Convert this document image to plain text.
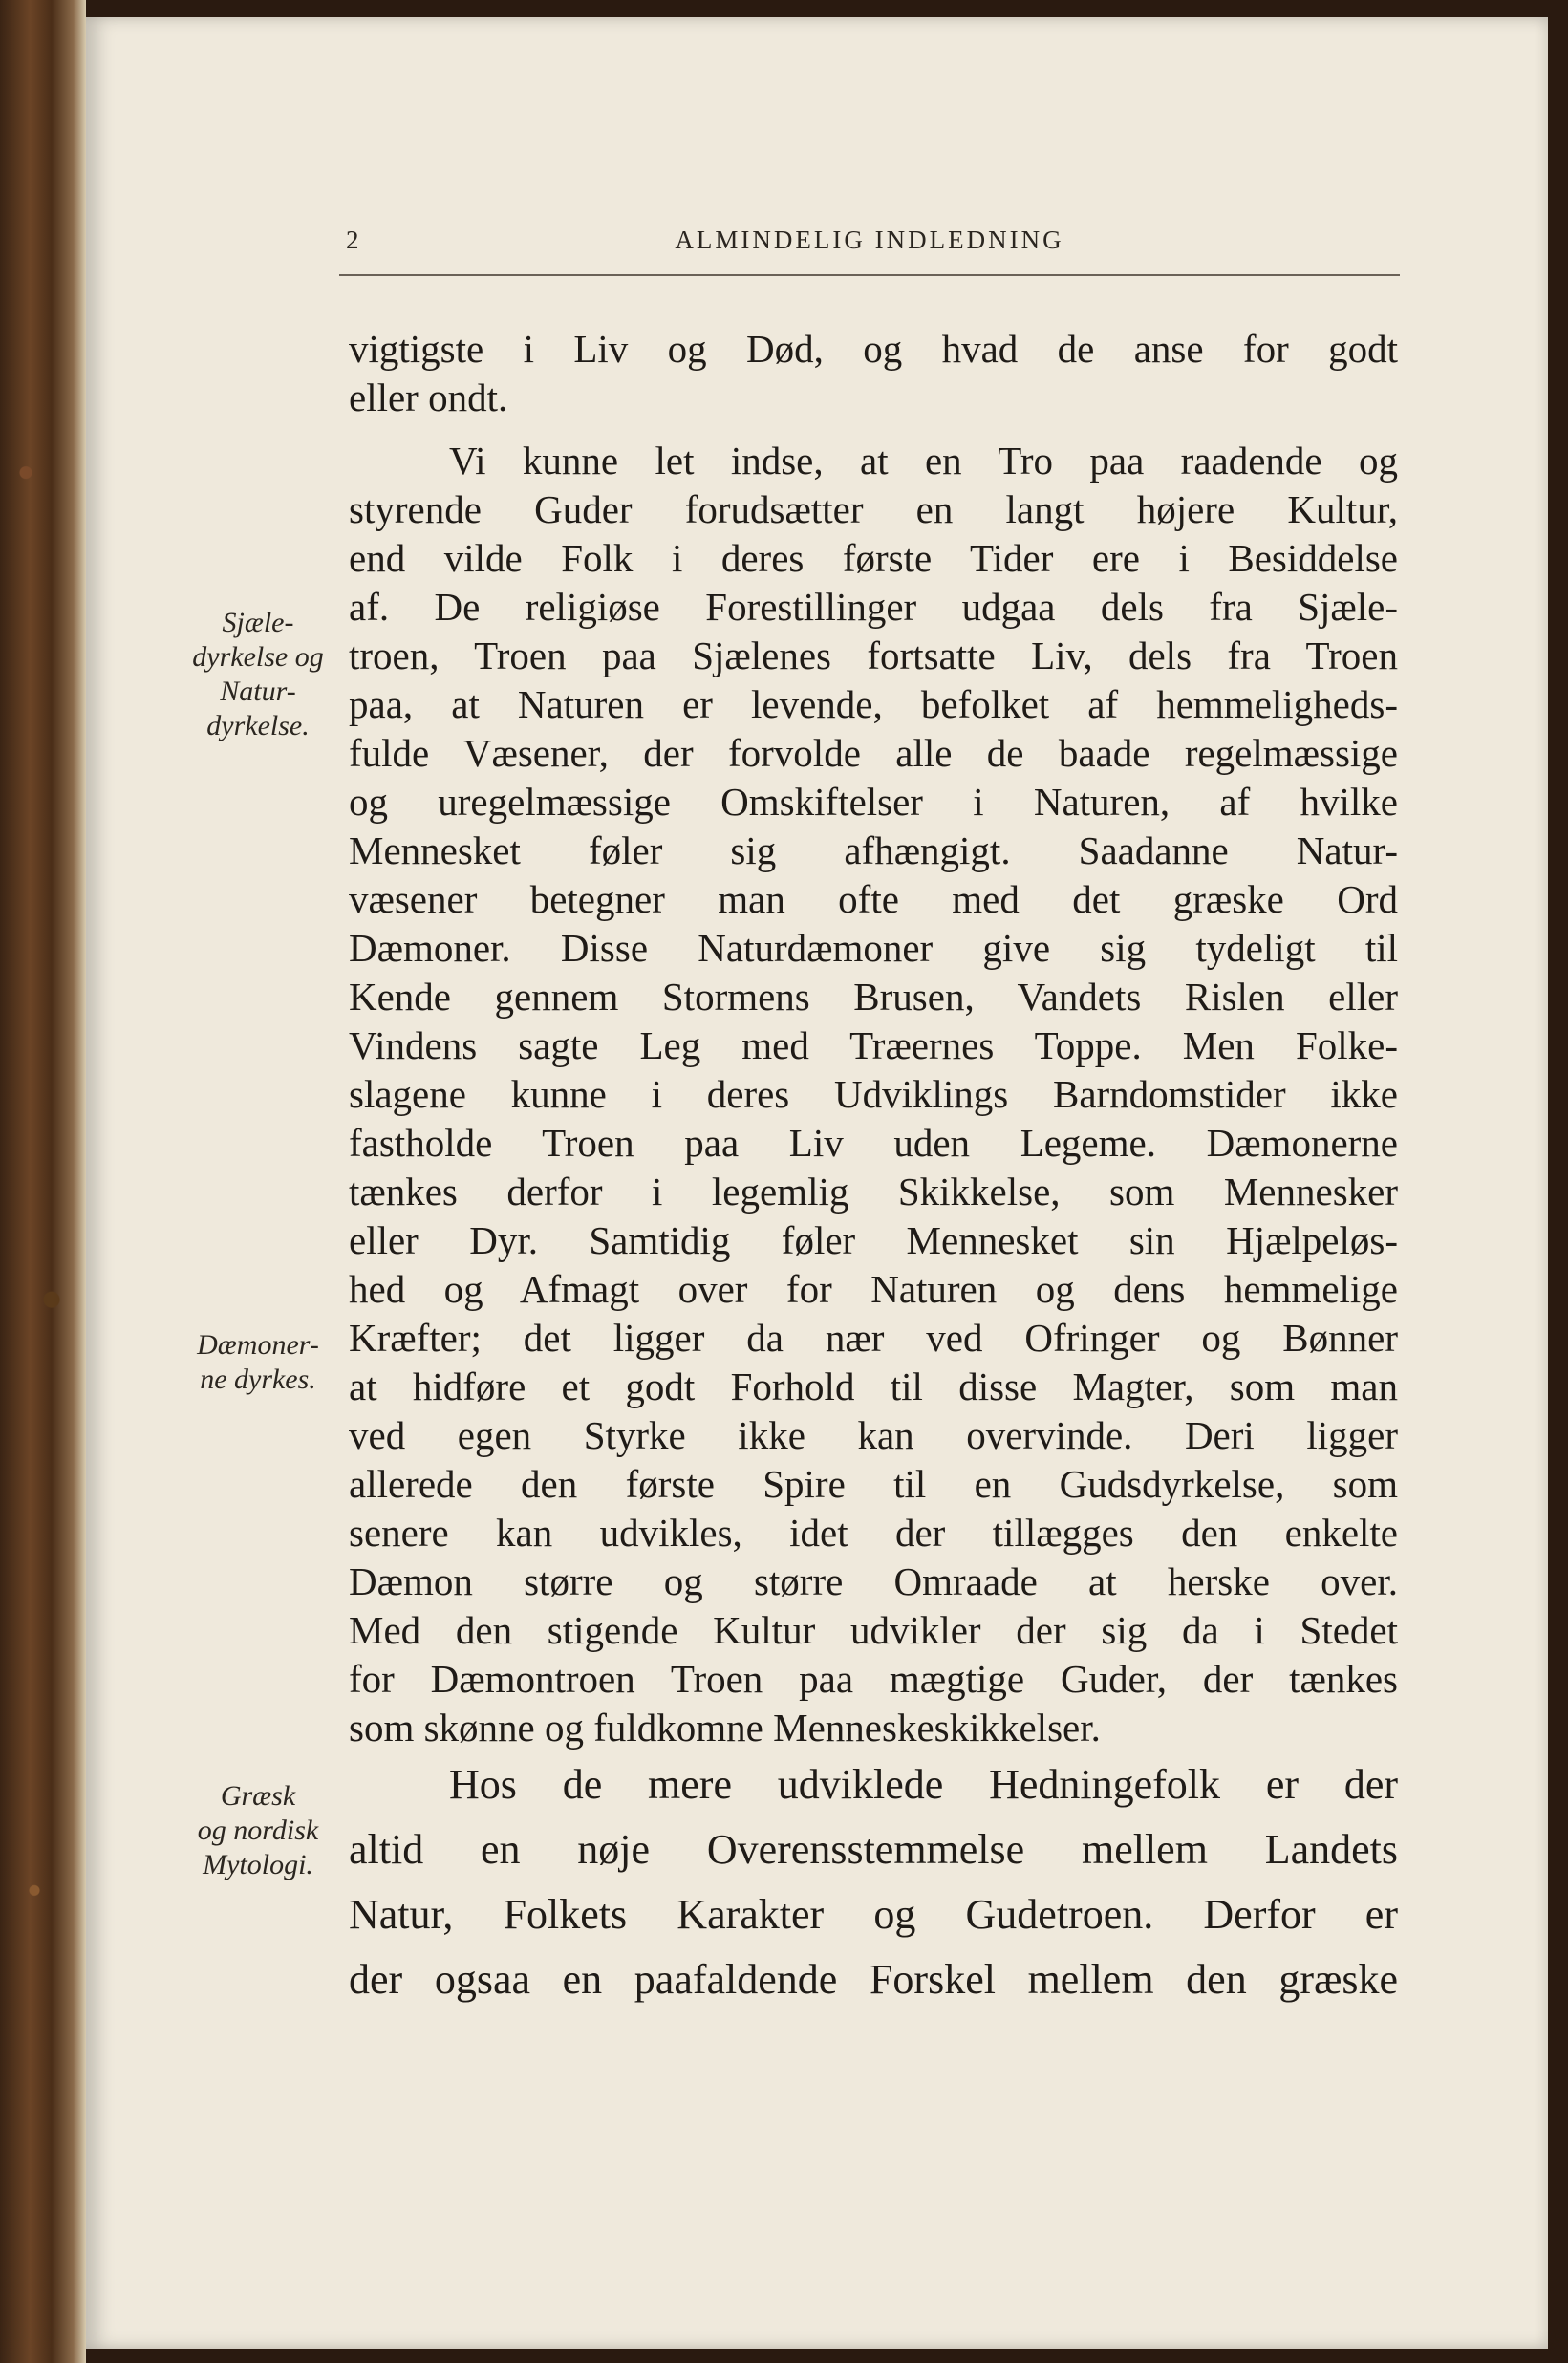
2	ALMINDELIG INDLEDNING
Sjæle-
dyrkelse og
Natur-
dyrkelse.
Dæmoner-
ne dyrkes.
Græsk
og nordisk
Mytologi.
vigtigste i Liv og Død, og hvad de anse for godt
eller ondt.
Vi kunne let indse, at en Tro paa raadende og
styrende Guder forudsætter en langt højere Kultur,
end vilde Folk i deres første Tider ere i Besiddelse
af. De religiøse Forestillinger udgaa dels fra Sjæle-
troen, Troen paa Sjælenes fortsatte Liv, dels fra Troen
paa, at Naturen er levende, befolket af hemmeligheds-
fulde Væsener, der forvolde alle de baade regelmæssige
og uregelmæssige Omskiftelser i Naturen, af hvilke
Mennesket føler sig afhængigt. Saadanne Natur-
væsener betegner man ofte med det græske Ord
Dæmoner. Disse Naturdæmoner give sig tydeligt til
Kende gennem Stormens Brusen, Vandets Rislen eller
Vindens sagte Leg med Træernes Toppe. Men Folke-
slagene kunne i deres Udviklings Barndomstider ikke
fastholde Troen paa Liv uden Legeme. Dæmonerne
tænkes derfor i legemlig Skikkelse, som Mennesker
eller Dyr. Samtidig føler Mennesket sin Hjælpeløs-
hed og Afmagt over for Naturen og dens hemmelige
Kræfter; det ligger da nær ved Ofringer og Bønner
at hidføre et godt Forhold til disse Magter, som man
ved egen Styrke ikke kan overvinde. Deri ligger
allerede den første Spire til en Gudsdyrkelse, som
senere kan udvikles, idet der tillægges den enkelte
Dæmon større og større Omraade at herske over.
Med den stigende Kultur udvikler der sig da i Stedet
for Dæmontroen Troen paa mægtige Guder, der tænkes
som skønne og fuldkomne Menneskeskikkelser.
Hos de mere udviklede Hedningefolk er der
altid en nøje Overensstemmelse mellem Landets
Natur, Folkets Karakter og Gudetroen. Derfor er
der ogsaa en paafaldende Forskel mellem den græske
